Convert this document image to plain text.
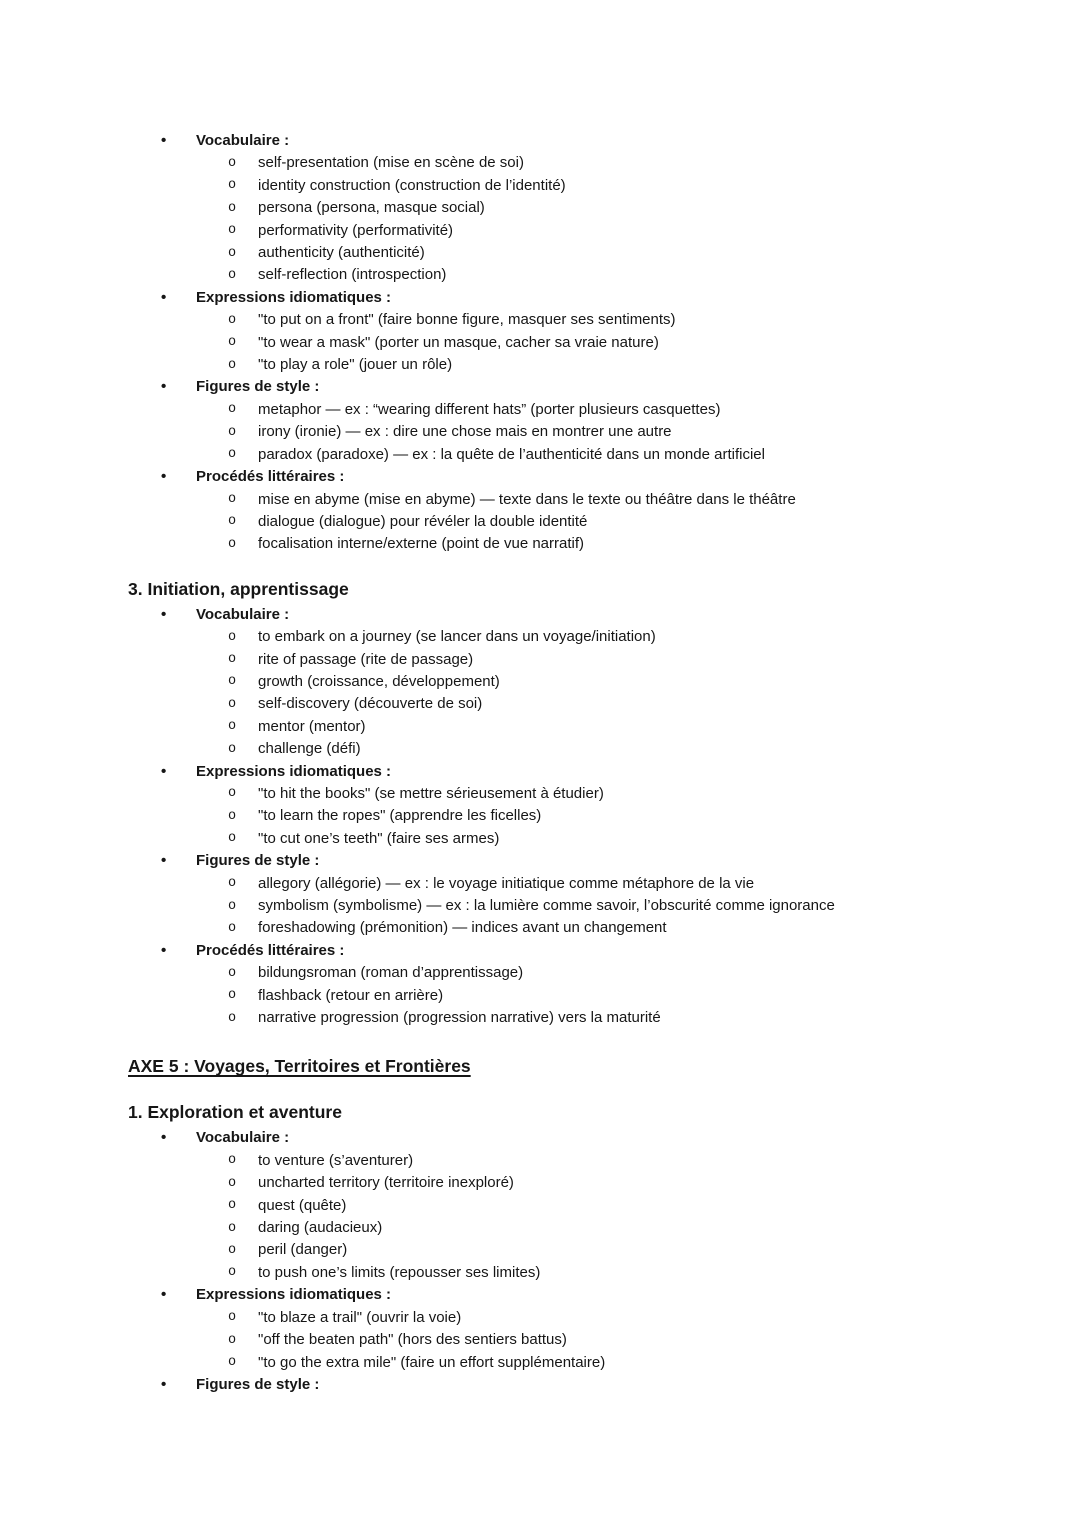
• Vocabulaire :
o self-presentation (mise en scène de soi)
o identity construction (construction de l’identité)
o persona (persona, masque social)
o performativity (performativité)
o authenticity (authenticité)
o self-reflection (introspection)
• Expressions idiomatiques :
o "to put on a front" (faire bonne figure, masquer ses sentiments)
o "to wear a mask" (porter un masque, cacher sa vraie nature)
o "to play a role" (jouer un rôle)
• Figures de style :
o metaphor — ex : “wearing different hats” (porter plusieurs casquettes)
o irony (ironie) — ex : dire une chose mais en montrer une autre
o paradox (paradoxe) — ex : la quête de l’authenticité dans un monde artificiel
• Procédés littéraires :
o mise en abyme (mise en abyme) — texte dans le texte ou théâtre dans le théâtre
o dialogue (dialogue) pour révéler la double identité
o focalisation interne/externe (point de vue narratif)
3. Initiation, apprentissage
• Vocabulaire :
o to embark on a journey (se lancer dans un voyage/initiation)
o rite of passage (rite de passage)
o growth (croissance, développement)
o self-discovery (découverte de soi)
o mentor (mentor)
o challenge (défi)
• Expressions idiomatiques :
o "to hit the books" (se mettre sérieusement à étudier)
o "to learn the ropes" (apprendre les ficelles)
o "to cut one’s teeth" (faire ses armes)
• Figures de style :
o allegory (allégorie) — ex : le voyage initiatique comme métaphore de la vie
o symbolism (symbolisme) — ex : la lumière comme savoir, l’obscurité comme ignorance
o foreshadowing (prémonition) — indices avant un changement
• Procédés littéraires :
o bildungsroman (roman d’apprentissage)
o flashback (retour en arrière)
o narrative progression (progression narrative) vers la maturité
AXE 5 : Voyages, Territoires et Frontières
1. Exploration et aventure
• Vocabulaire :
o to venture (s’aventurer)
o uncharted territory (territoire inexploré)
o quest (quête)
o daring (audacieux)
o peril (danger)
o to push one’s limits (repousser ses limites)
• Expressions idiomatiques :
o "to blaze a trail" (ouvrir la voie)
o "off the beaten path" (hors des sentiers battus)
o "to go the extra mile" (faire un effort supplémentaire)
• Figures de style :
